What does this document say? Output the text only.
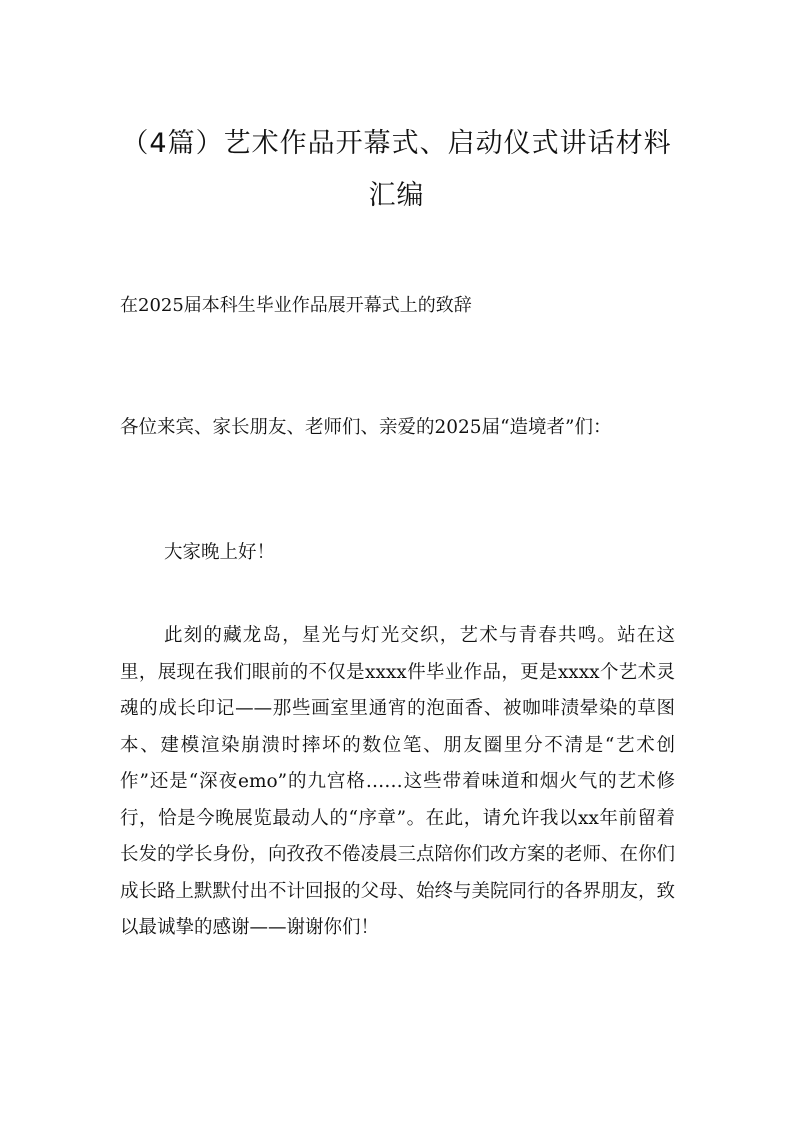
（4篇）艺术作品开幕式、启动仪式讲话材料汇编

在2025届本科生毕业作品展开幕式上的致辞

各位来宾、家长朋友、老师们、亲爱的2025届“造境者”们：

大家晚上好！

此刻的藏龙岛，星光与灯光交织，艺术与青春共鸣。站在这里，展现在我们眼前的不仅是xxxx件毕业作品，更是xxxx个艺术灵魂的成长印记——那些画室里通宵的泡面香、被咖啡渍晕染的草图本、建模渲染崩溃时摔坏的数位笔、朋友圈里分不清是“艺术创作”还是“深夜emo”的九宫格……这些带着味道和烟火气的艺术修行，恰是今晚展览最动人的“序章”。在此，请允许我以xx年前留着长发的学长身份，向孜孜不倦凌晨三点陪你们改方案的老师、在你们成长路上默默付出不计回报的父母、始终与美院同行的各界朋友，致以最诚挚的感谢——谢谢你们！
